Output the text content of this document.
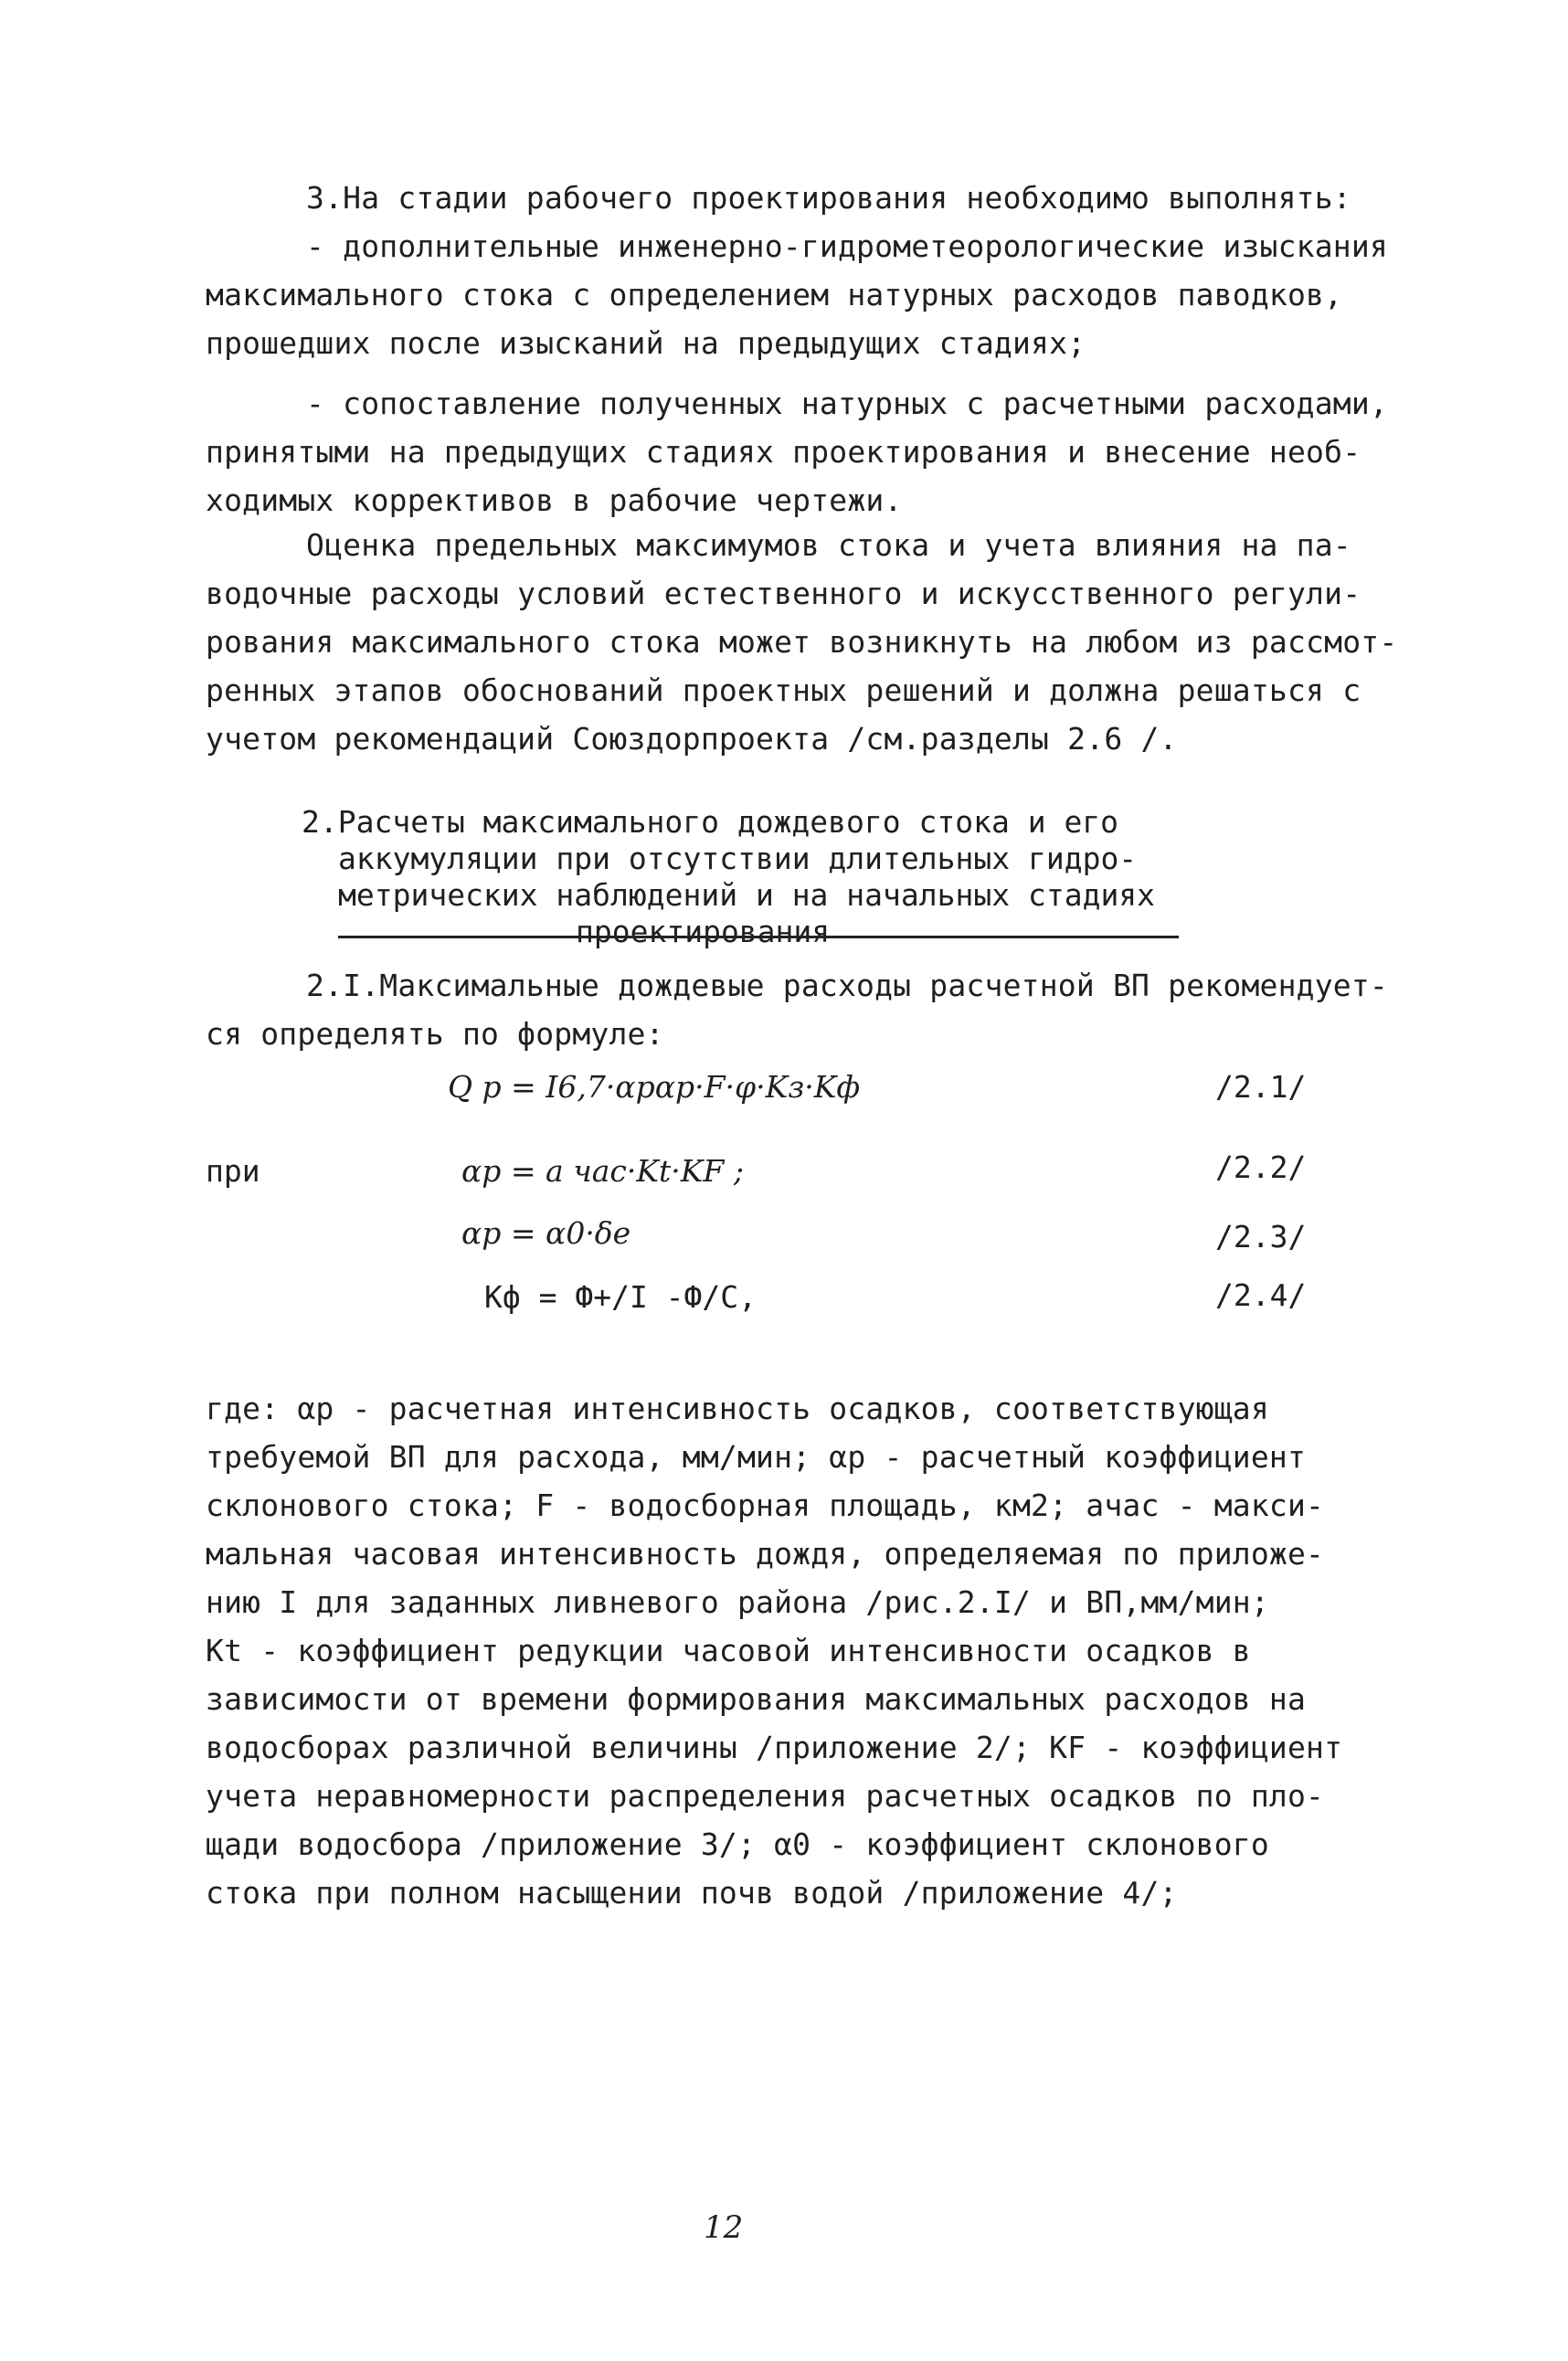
3.На стадии рабочего проектирования необходимо выполнять:
- дополнительные инженерно-гидрометеорологические изыскания
максимального стока с определением натурных расходов паводков,
прошедших после изысканий на предыдущих стадиях;
- сопоставление полученных натурных с расчетными расходами,
принятыми на предыдущих стадиях проектирования и внесение необ-
ходимых коррективов в рабочие чертежи.
Оценка предельных максимумов стока и учета влияния на па-
водочные расходы условий естественного и искусственного регули-
рования максимального стока может возникнуть на любом из рассмот-
ренных этапов обоснований проектных решений и должна решаться с
учетом рекомендаций Союздорпроекта /см.разделы 2.6 /.
2.Расчеты максимального дождевого стока и его
аккумуляции при отсутствии длительных гидро-
метрических наблюдений и на начальных стадиях
проектирования
2.I.Максимальные дождевые расходы расчетной ВП рекомендует-
ся определять по формуле:
Q p = I6,7·αpαp·F·φ·Kз·Kф	/2.1/
при	αp = a час·Kt·KF ;	/2.2/
αp = α0·δe	/2.3/
Kф = Ф+/I -Ф/C,	/2.4/
где: αp - расчетная интенсивность осадков, соответствующая
требуемой ВП для расхода, мм/мин; αp - расчетный коэффициент
склонового стока; F - водосборная площадь, км2; aчас - макси-
мальная часовая интенсивность дождя, определяемая по приложе-
нию I для заданных ливневого района /рис.2.I/ и ВП,мм/мин;
Kt - коэффициент редукции часовой интенсивности осадков в
зависимости от времени формирования максимальных расходов на
водосборах различной величины /приложение 2/; KF - коэффициент
учета неравномерности распределения расчетных осадков по пло-
щади водосбора /приложение 3/; α0 - коэффициент склонового
стока при полном насыщении почв водой /приложение 4/;
12
